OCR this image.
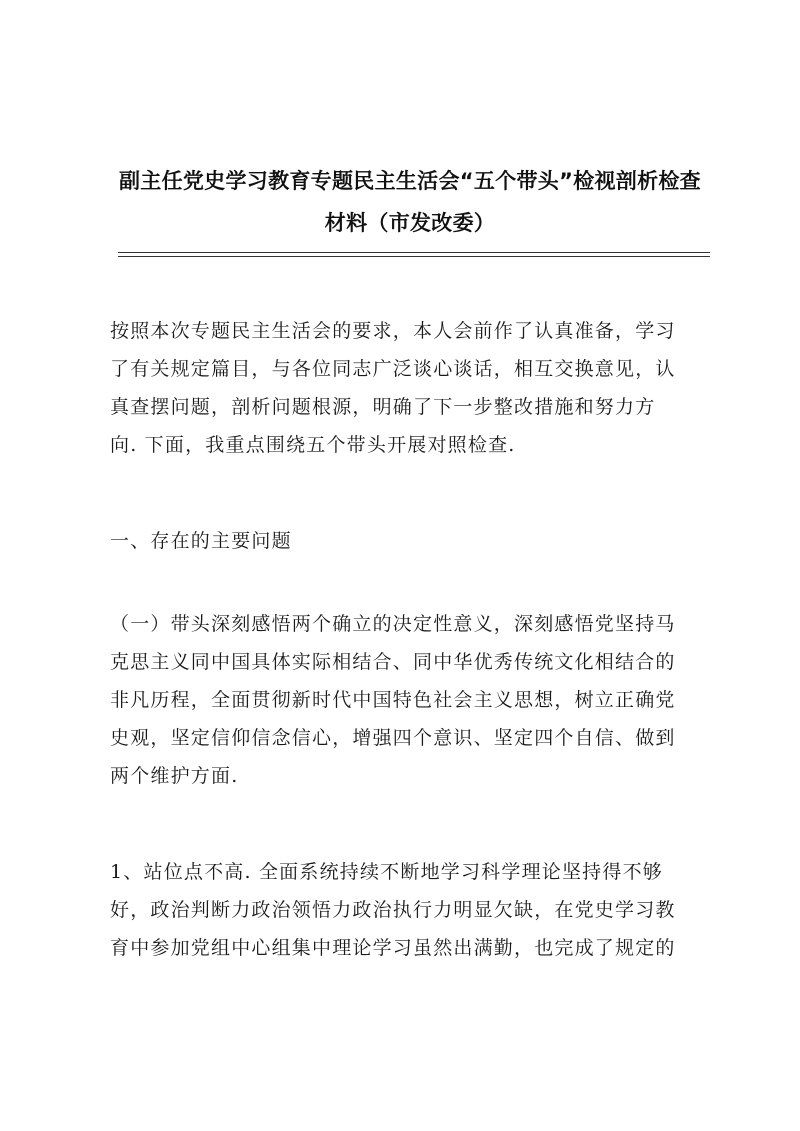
副主任党史学习教育专题民主生活会“五个带头”检视剖析检查
材料（市发改委）
按照本次专题民主生活会的要求，本人会前作了认真准备，学习
了有关规定篇目，与各位同志广泛谈心谈话，相互交换意见，认
真查摆问题，剖析问题根源，明确了下一步整改措施和努力方
向. 下面，我重点围绕五个带头开展对照检查.
一、存在的主要问题
（一）带头深刻感悟两个确立的决定性意义，深刻感悟党坚持马
克思主义同中国具体实际相结合、同中华优秀传统文化相结合的
非凡历程，全面贯彻新时代中国特色社会主义思想，树立正确党
史观，坚定信仰信念信心，增强四个意识、坚定四个自信、做到
两个维护方面.
1、站位点不高. 全面系统持续不断地学习科学理论坚持得不够
好，政治判断力政治领悟力政治执行力明显欠缺，在党史学习教
育中参加党组中心组集中理论学习虽然出满勤，也完成了规定的
